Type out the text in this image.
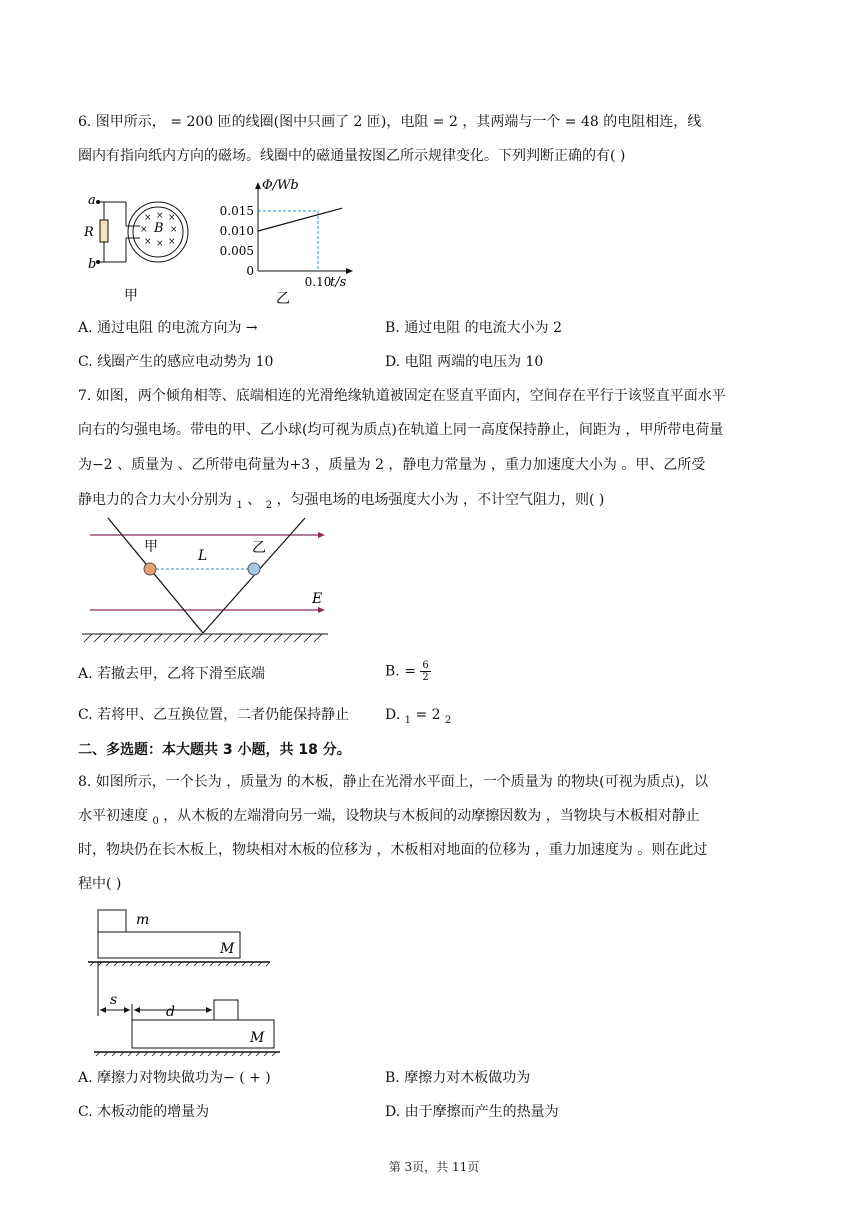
6. 图甲所示， = 200 匝的线圈(图中只画了 2 匝)，电阻 = 2 ，其两端与一个 = 48 的电阻相连，线
圈内有指向纸内方向的磁场。线圈中的磁通量按图乙所示规律变化。下列判断正确的有( )
a
b
R
× × ×
× ×
× × ×
B
甲
Φ/Wb
t/s
0.015
0.010
0.005
0
0.10
乙
A. 通过电阻 的电流方向为 →	B. 通过电阻 的电流大小为 2
C. 线圈产生的感应电动势为 10	D. 电阻 两端的电压为 10
7. 如图，两个倾角相等、底端相连的光滑绝缘轨道被固定在竖直平面内，空间存在平行于该竖直平面水平
向右的匀强电场。带电的甲、乙小球(均可视为质点)在轨道上同一高度保持静止，间距为 ，甲所带电荷量
为−2 、质量为 、乙所带电荷量为+3 ，质量为 2 ，静电力常量为 ，重力加速度大小为 。甲、乙所受
静电力的合力大小分别为 $_1$ 、 $_2$ ，匀强电场的电场强度大小为 ，不计空气阻力，则( )
甲	乙
L
E
A. 若撤去甲，乙将下滑至底端	B. = $\frac{6}{2}$
C. 若将甲、乙互换位置，二者仍能保持静止	D. $_1$ = 2 $_2$
二、多选题：本大题共 3 小题，共 18 分。
8. 如图所示，一个长为 ，质量为 的木板，静止在光滑水平面上，一个质量为 的物块(可视为质点)，以
水平初速度 $_0$ ，从木板的左端滑向另一端，设物块与木板间的动摩擦因数为 ，当物块与木板相对静止
时，物块仍在长木板上，物块相对木板的位移为 ，木板相对地面的位移为 ，重力加速度为 。则在此过
程中( )
m
M
s
d
M
A. 摩擦力对物块做功为− ( + )	B. 摩擦力对木板做功为
C. 木板动能的增量为	D. 由于摩擦而产生的热量为
第 3页，共 11页
